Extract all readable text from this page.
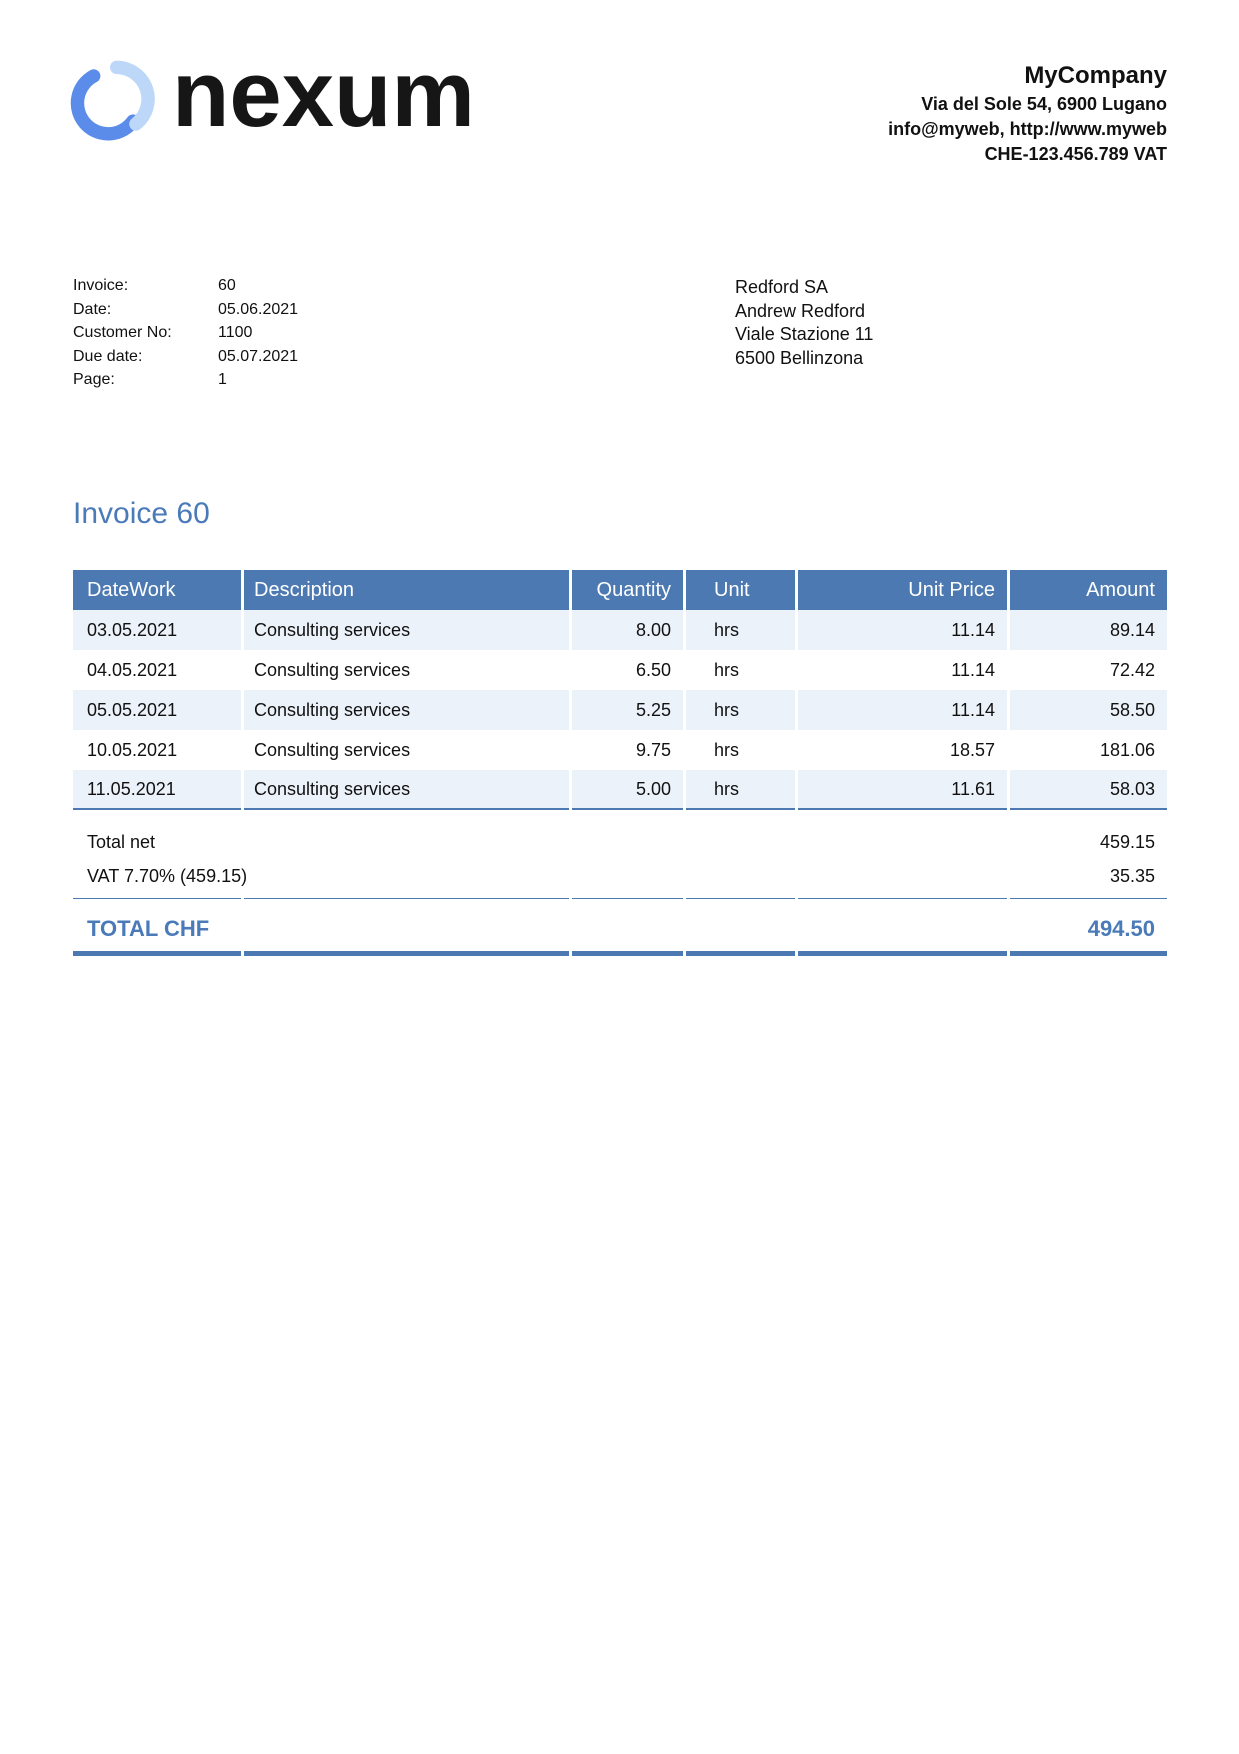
nexum	MyCompany
Via del Sole 54, 6900 Lugano
info@myweb, http://www.myweb
CHE-123.456.789 VAT
Invoice:	60
Date:	05.06.2021
Customer No:	1100
Due date:	05.07.2021
Page:	1
Redford SA
Andrew Redford
Viale Stazione 11
6500 Bellinzona
Invoice 60
DateWork	Description	Quantity	Unit	Unit Price	Amount
03.05.2021	Consulting services	8.00	hrs	11.14	89.14
04.05.2021	Consulting services	6.50	hrs	11.14	72.42
05.05.2021	Consulting services	5.25	hrs	11.14	58.50
10.05.2021	Consulting services	9.75	hrs	18.57	181.06
11.05.2021	Consulting services	5.00	hrs	11.61	58.03
Total net					459.15
VAT 7.70% (459.15)					35.35
TOTAL CHF					494.50
